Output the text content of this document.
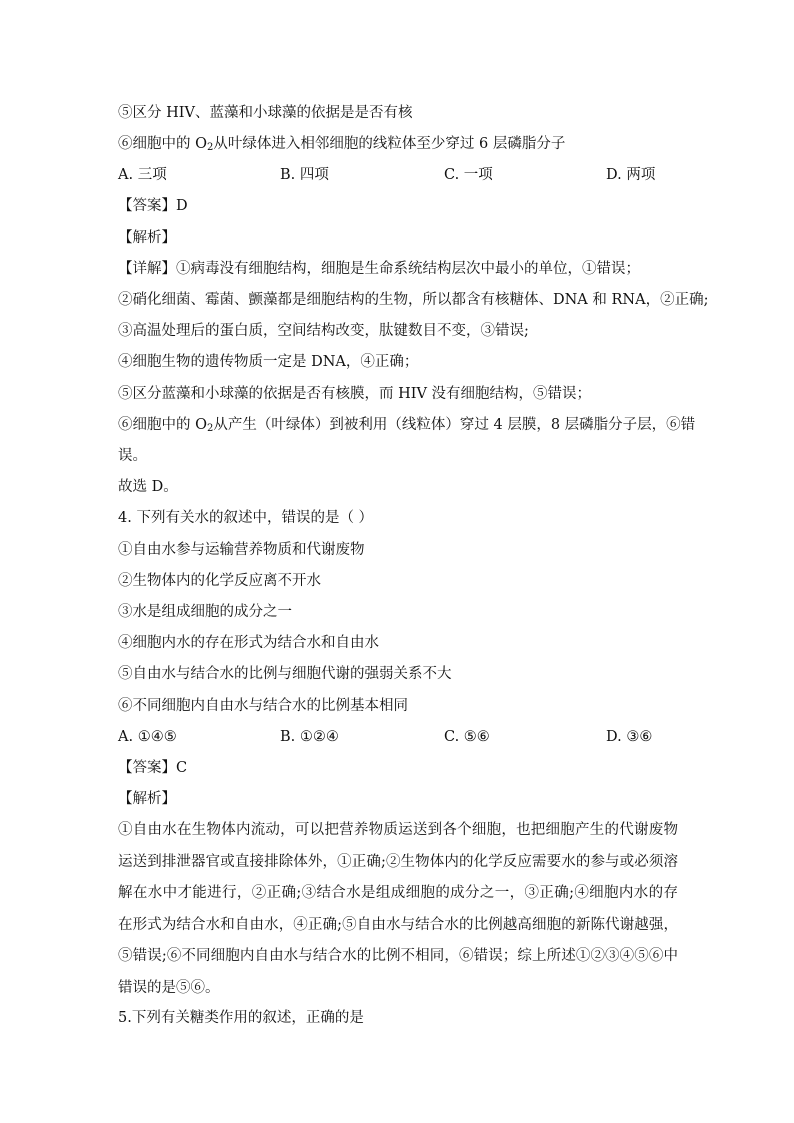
⑤区分 HIV、蓝藻和小球藻的依据是是否有核
⑥细胞中的 $O_2$从叶绿体进入相邻细胞的线粒体至少穿过 6 层磷脂分子
A. 三项	B. 四项	C. 一项	D. 两项
【答案】D
【解析】
【详解】①病毒没有细胞结构，细胞是生命系统结构层次中最小的单位，①错误；
②硝化细菌、霉菌、颤藻都是细胞结构的生物，所以都含有核糖体、DNA 和 RNA，②正确;
③高温处理后的蛋白质，空间结构改变，肽键数目不变，③错误;
④细胞生物的遗传物质一定是 DNA，④正确；
⑤区分蓝藻和小球藻的依据是否有核膜，而 HIV 没有细胞结构，⑤错误；
⑥细胞中的 $O_2$从产生（叶绿体）到被利用（线粒体）穿过 4 层膜，8 层磷脂分子层，⑥错
误。
故选 D。
4. 下列有关水的叙述中，错误的是（ ）
①自由水参与运输营养物质和代谢废物
②生物体内的化学反应离不开水
③水是组成细胞的成分之一
④细胞内水的存在形式为结合水和自由水
⑤自由水与结合水的比例与细胞代谢的强弱关系不大
⑥不同细胞内自由水与结合水的比例基本相同
A. ①④⑤	B. ①②④	C. ⑤⑥	D. ③⑥
【答案】C
【解析】
①自由水在生物体内流动，可以把营养物质运送到各个细胞，也把细胞产生的代谢废物运送到排泄器官或直接排除体外，①正确;②生物体内的化学反应需要水的参与或必须溶解在水中才能进行，②正确;③结合水是组成细胞的成分之一，③正确;④细胞内水的存在形式为结合水和自由水，④正确;⑤自由水与结合水的比例越高细胞的新陈代谢越强，⑤错误;⑥不同细胞内自由水与结合水的比例不相同，⑥错误；综上所述①②③④⑤⑥中错误的是⑤⑥。
5.下列有关糖类作用的叙述，正确的是
